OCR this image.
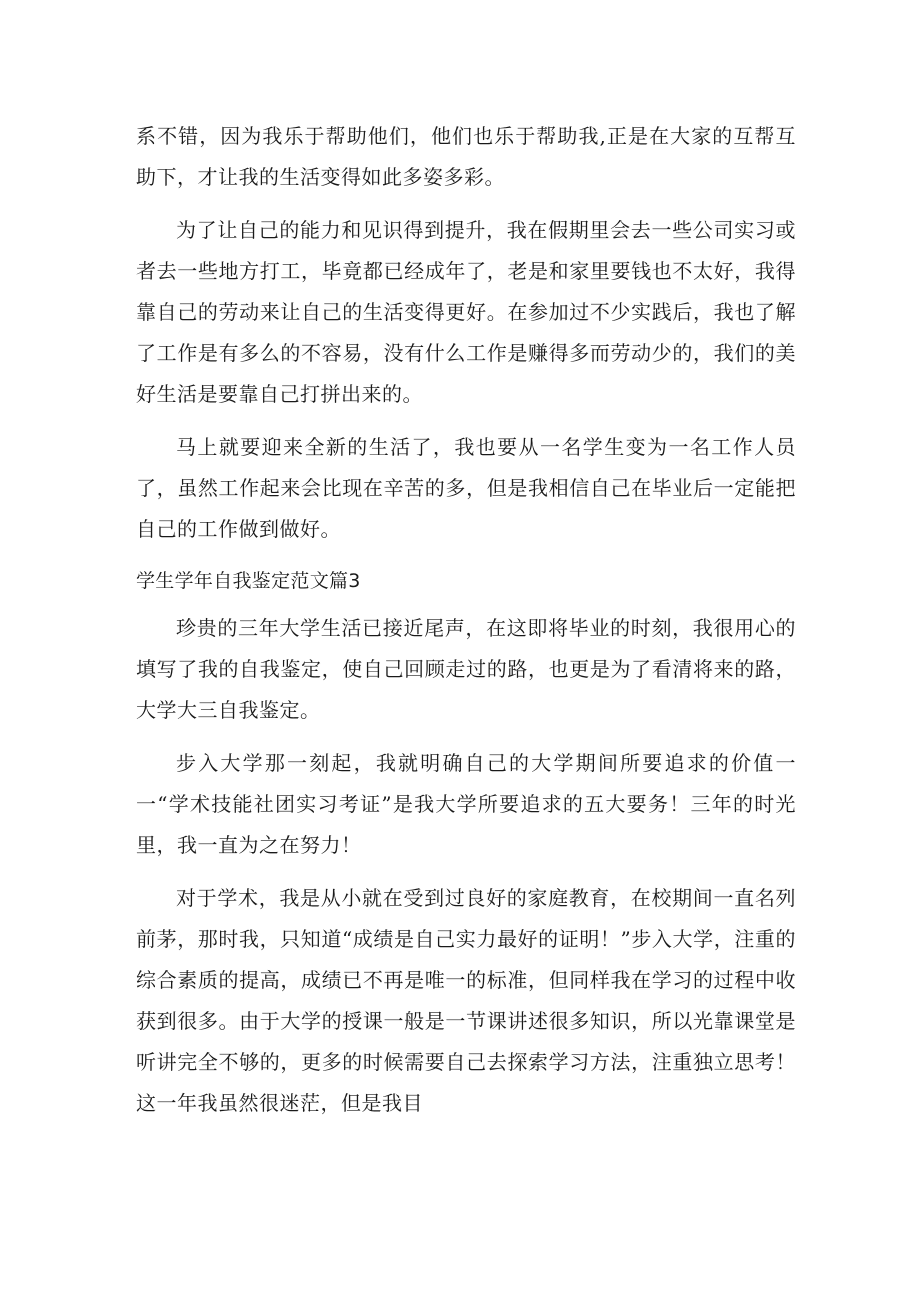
系不错，因为我乐于帮助他们，他们也乐于帮助我,正是在大家的互帮互助下，才让我的生活变得如此多姿多彩。

为了让自己的能力和见识得到提升，我在假期里会去一些公司实习或者去一些地方打工，毕竟都已经成年了，老是和家里要钱也不太好，我得靠自己的劳动来让自己的生活变得更好。在参加过不少实践后，我也了解了工作是有多么的不容易，没有什么工作是赚得多而劳动少的，我们的美好生活是要靠自己打拼出来的。

马上就要迎来全新的生活了，我也要从一名学生变为一名工作人员了，虽然工作起来会比现在辛苦的多，但是我相信自己在毕业后一定能把自己的工作做到做好。

学生学年自我鉴定范文篇3

珍贵的三年大学生活已接近尾声，在这即将毕业的时刻，我很用心的填写了我的自我鉴定，使自己回顾走过的路，也更是为了看清将来的路，大学大三自我鉴定。

步入大学那一刻起，我就明确自己的大学期间所要追求的价值一一“学术技能社团实习考证”是我大学所要追求的五大要务！三年的时光里，我一直为之在努力！

对于学术，我是从小就在受到过良好的家庭教育，在校期间一直名列前茅，那时我，只知道“成绩是自己实力最好的证明！”步入大学，注重的综合素质的提高，成绩已不再是唯一的标准，但同样我在学习的过程中收获到很多。由于大学的授课一般是一节课讲述很多知识，所以光靠课堂是听讲完全不够的，更多的时候需要自己去探索学习方法，注重独立思考！这一年我虽然很迷茫，但是我目
